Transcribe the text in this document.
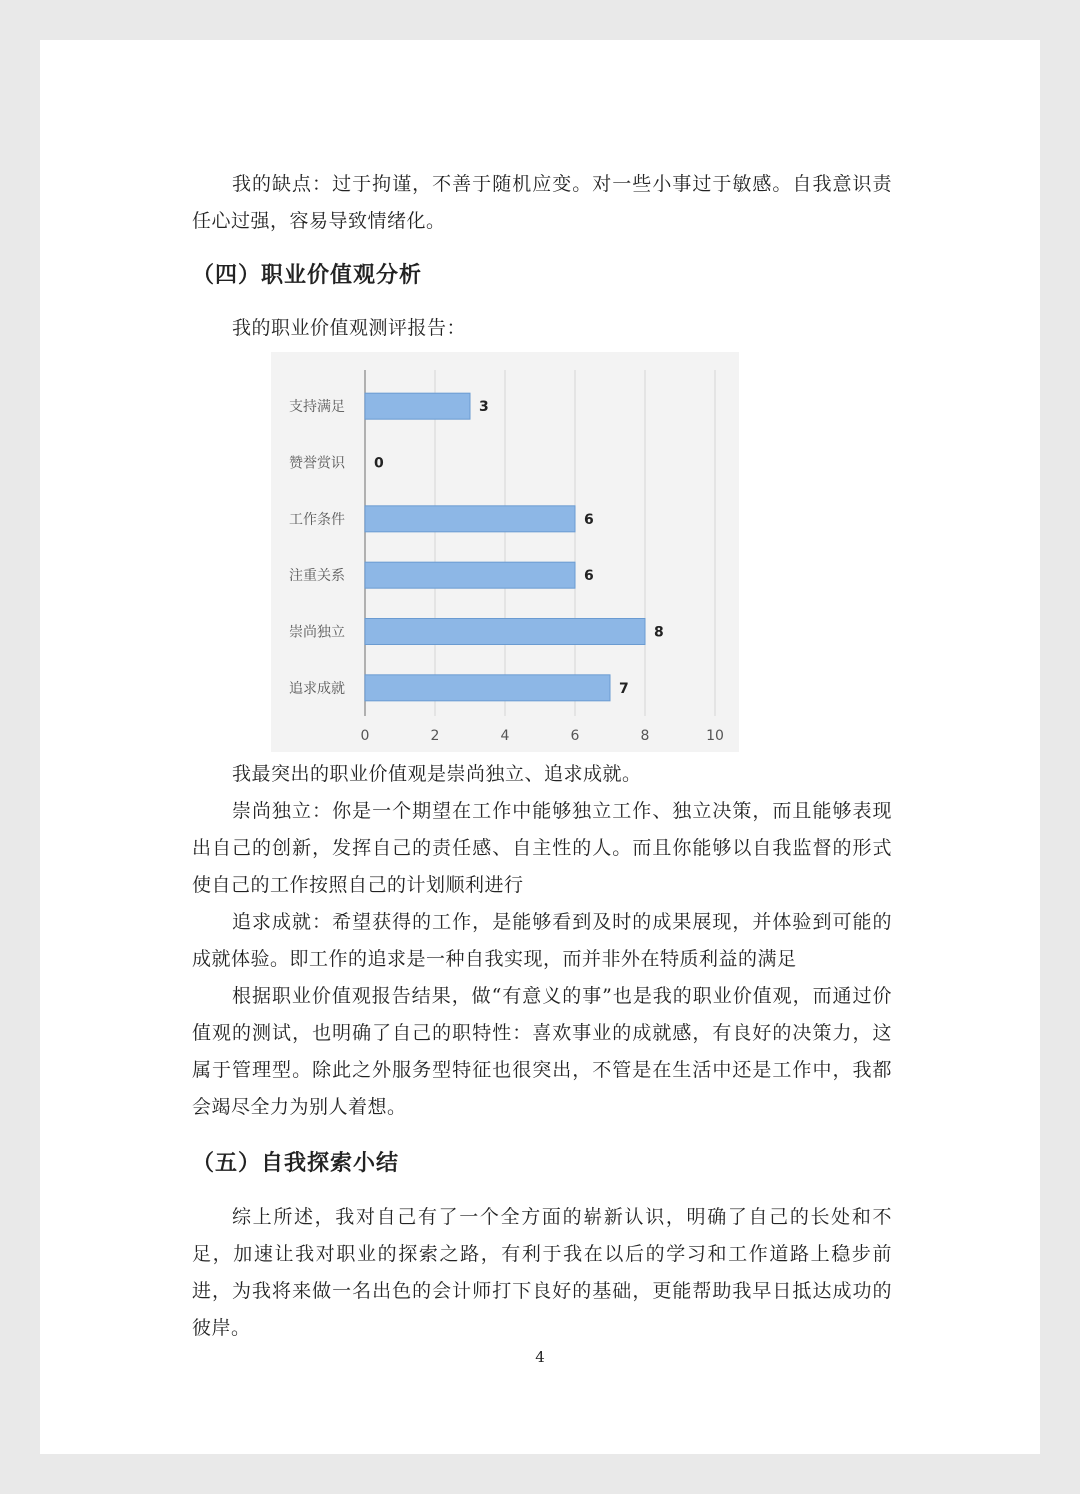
我的缺点：过于拘谨，不善于随机应变。对一些小事过于敏感。自我意识责任心过强，容易导致情绪化。

（四）职业价值观分析

我的职业价值观测评报告：

0	2	4	6	8	10
支持满足	3
赞誉赏识 0
工作条件	6
注重关系	6
崇尚独立	8
追求成就	7

我最突出的职业价值观是崇尚独立、追求成就。

崇尚独立：你是一个期望在工作中能够独立工作、独立决策，而且能够表现出自己的创新，发挥自己的责任感、自主性的人。而且你能够以自我监督的形式使自己的工作按照自己的计划顺利进行

追求成就：希望获得的工作，是能够看到及时的成果展现，并体验到可能的成就体验。即工作的追求是一种自我实现，而并非外在特质利益的满足

根据职业价值观报告结果，做“有意义的事”也是我的职业价值观，而通过价值观的测试，也明确了自己的职特性：喜欢事业的成就感，有良好的决策力，这属于管理型。除此之外服务型特征也很突出，不管是在生活中还是工作中，我都会竭尽全力为别人着想。

（五）自我探索小结

综上所述，我对自己有了一个全方面的崭新认识，明确了自己的长处和不足，加速让我对职业的探索之路，有利于我在以后的学习和工作道路上稳步前进，为我将来做一名出色的会计师打下良好的基础，更能帮助我早日抵达成功的彼岸。

4
